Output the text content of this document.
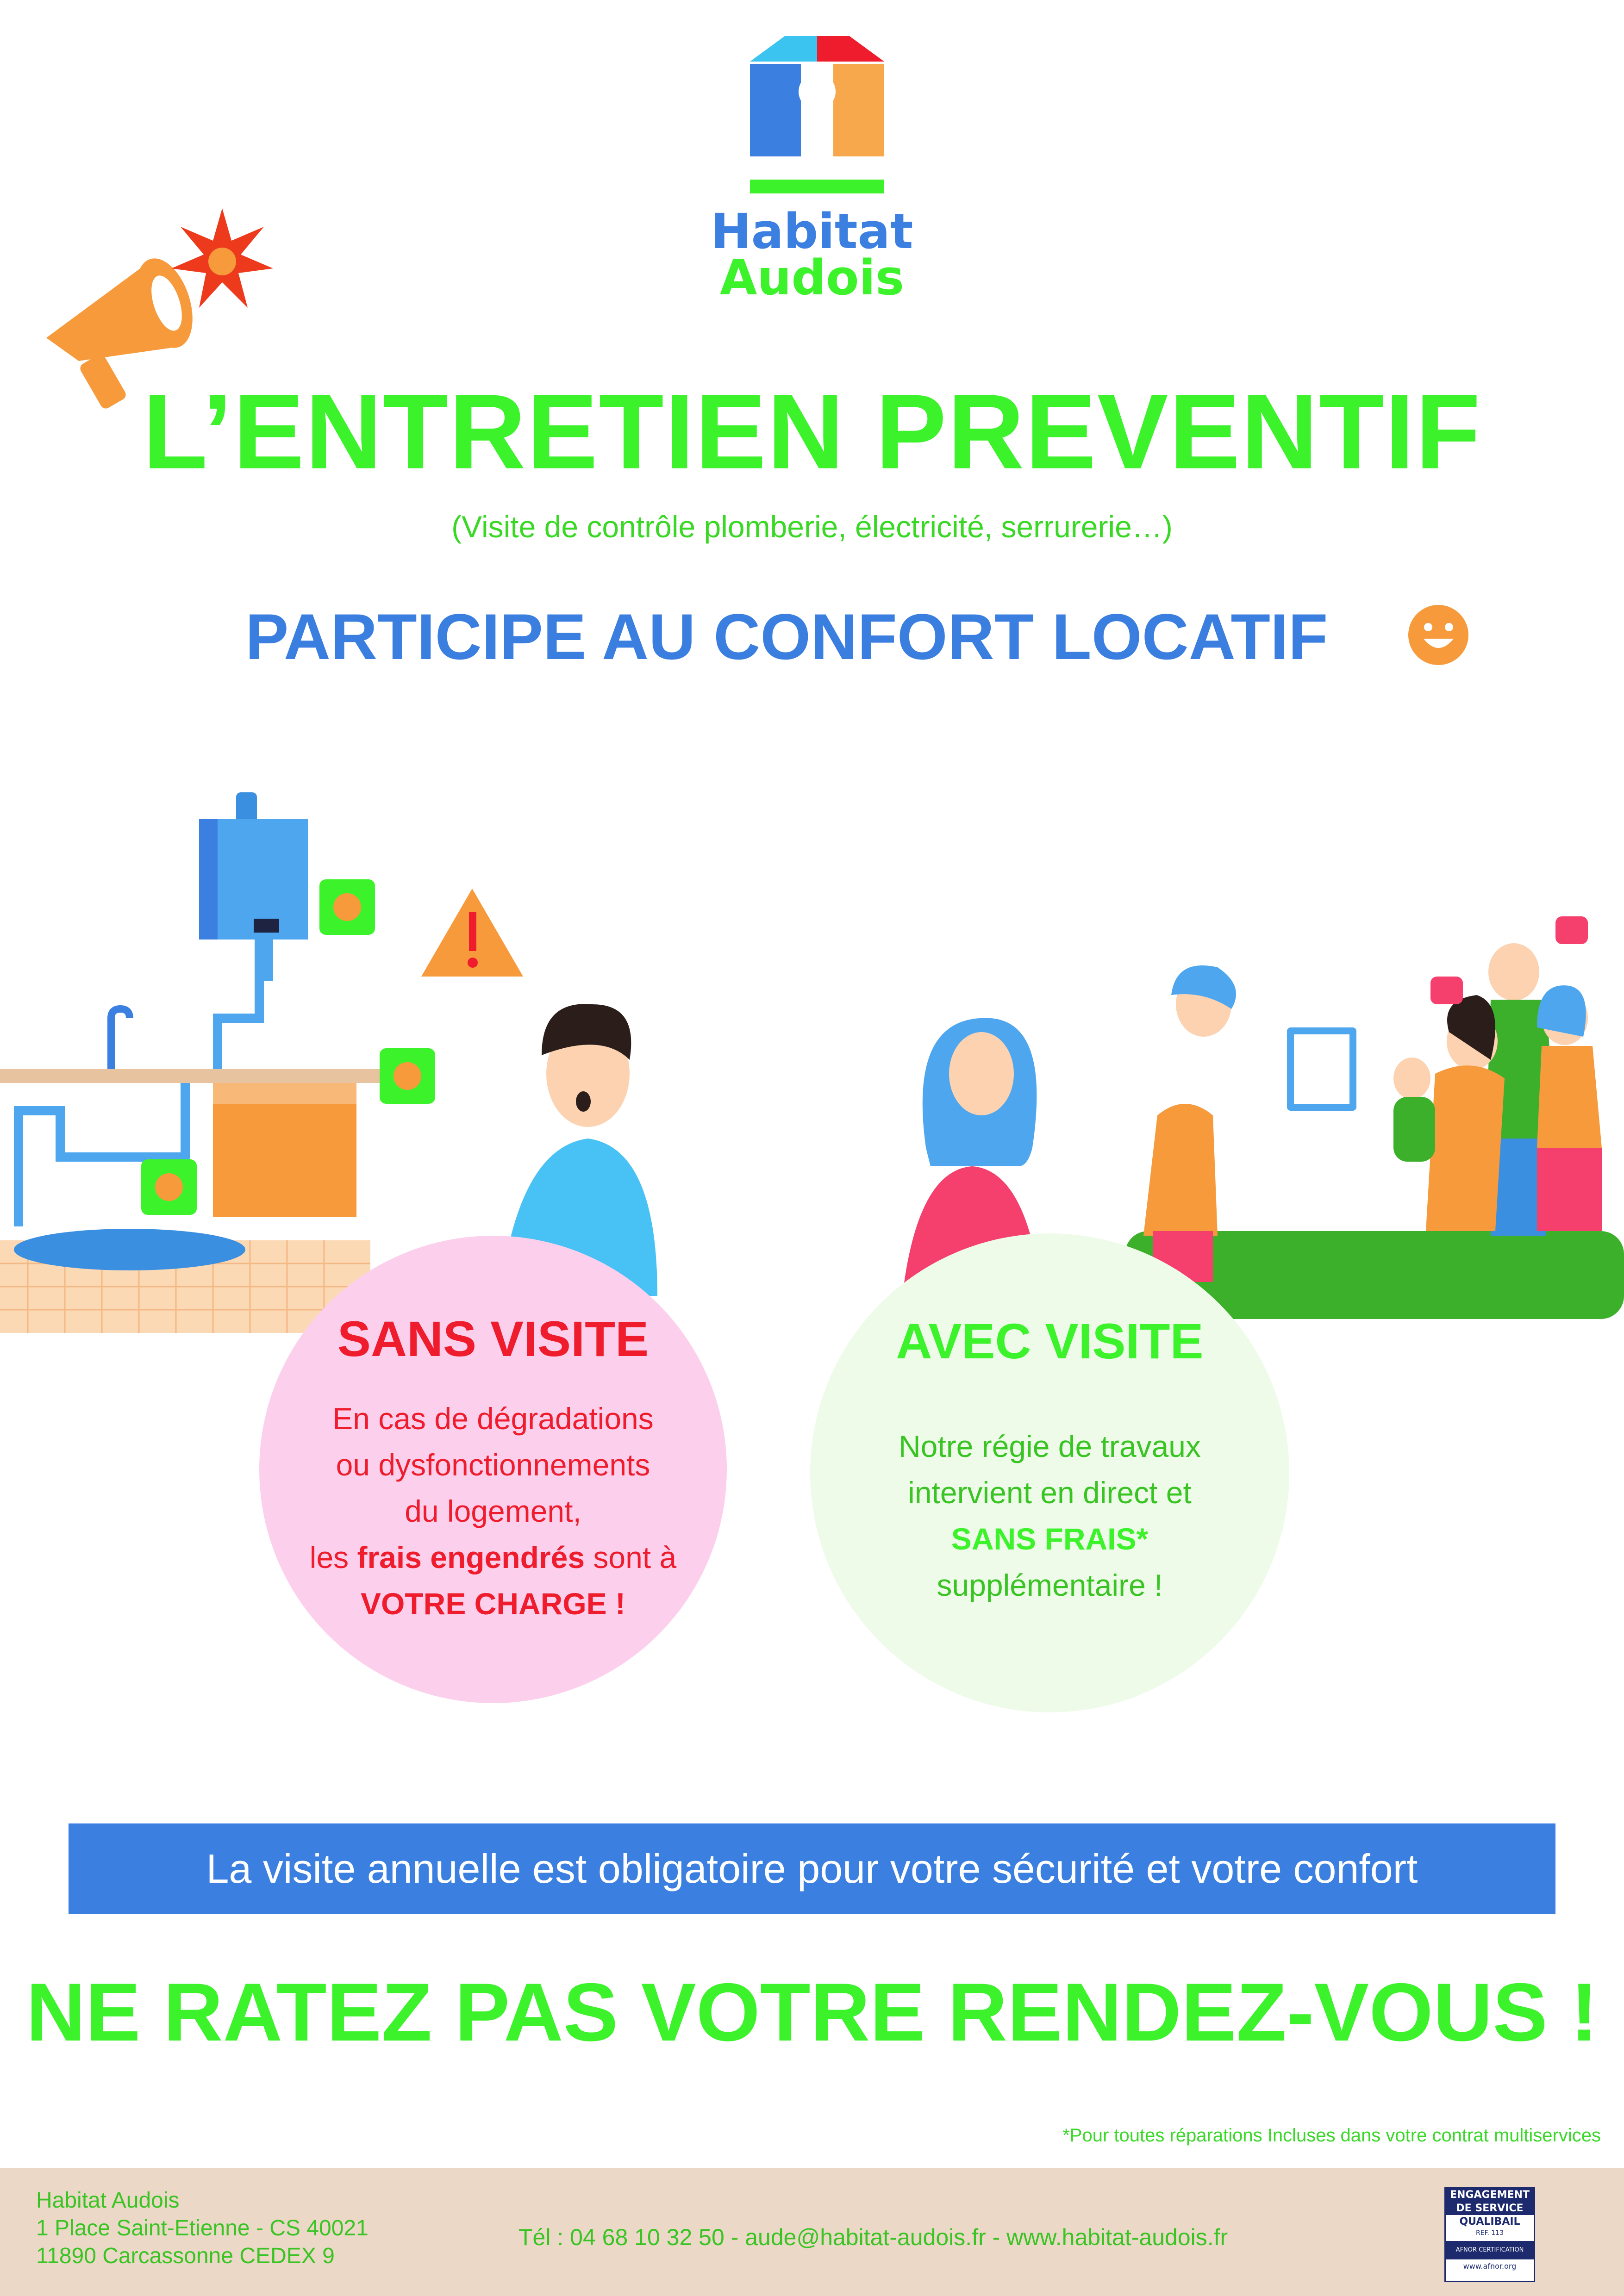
Habitat
Audois
L’ENTRETIEN PREVENTIF
(Visite de contrôle plomberie, électricité, serrurerie…)
PARTICIPE AU CONFORT LOCATIF
SANS VISITE
En cas de dégradations
ou dysfonctionnements
du logement,
les frais engendrés sont à
VOTRE CHARGE !
AVEC VISITE
Notre régie de travaux
intervient en direct et
SANS FRAIS*
supplémentaire !
La visite annuelle est obligatoire pour votre sécurité et votre confort
NE RATEZ PAS VOTRE RENDEZ-VOUS !
*Pour toutes réparations Incluses dans votre contrat multiservices
Habitat Audois
1 Place Saint-Etienne - CS 40021
11890 Carcassonne CEDEX 9
Tél : 04 68 10 32 50 - aude@habitat-audois.fr - www.habitat-audois.fr
ENGAGEMENT
DE SERVICE
QUALIBAIL
REF. 113
AFNOR CERTIFICATION
www.afnor.org
